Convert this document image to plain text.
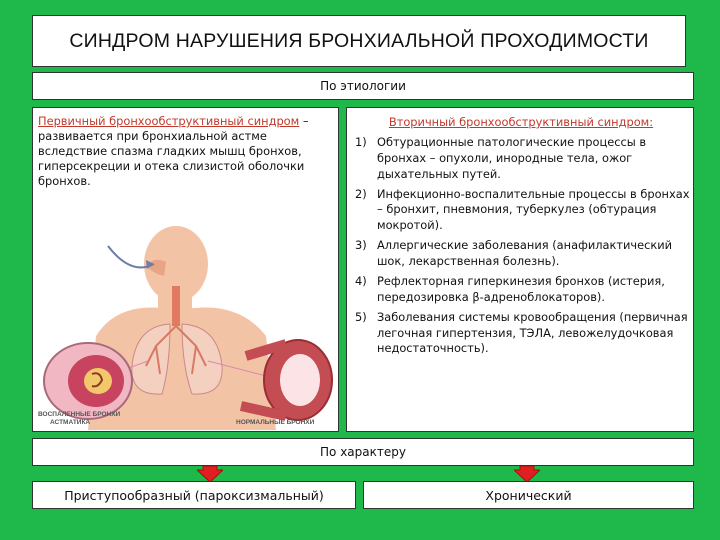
СИНДРОМ НАРУШЕНИЯ БРОНХИАЛЬНОЙ ПРОХОДИМОСТИ
По этиологии
Первичный бронхообструктивный синдром – развивается при бронхиальной астме вследствие спазма гладких мышц бронхов, гиперсекреции и отека слизистой оболочки бронхов.
ВОСПАЛЕННЫЕ БРОНХИ
АСТМАТИКА	НОРМАЛЬНЫЕ БРОНХИ
Вторичный бронхообструктивный синдром:
1) Обтурационные патологические процессы в бронхах – опухоли, инородные тела, ожог дыхательных путей.
2) Инфекционно-воспалительные процессы в бронхах – бронхит, пневмония, туберкулез (обтурация мокротой).
3) Аллергические заболевания (анафилактический шок, лекарственная болезнь).
4) Рефлекторная гиперкинезия бронхов (истерия, передозировка β-адреноблокаторов).
5) Заболевания системы кровообращения (первичная легочная гипертензия, ТЭЛА, левожелудочковая недостаточность).
По характеру
Приступообразный (пароксизмальный)	Хронический
